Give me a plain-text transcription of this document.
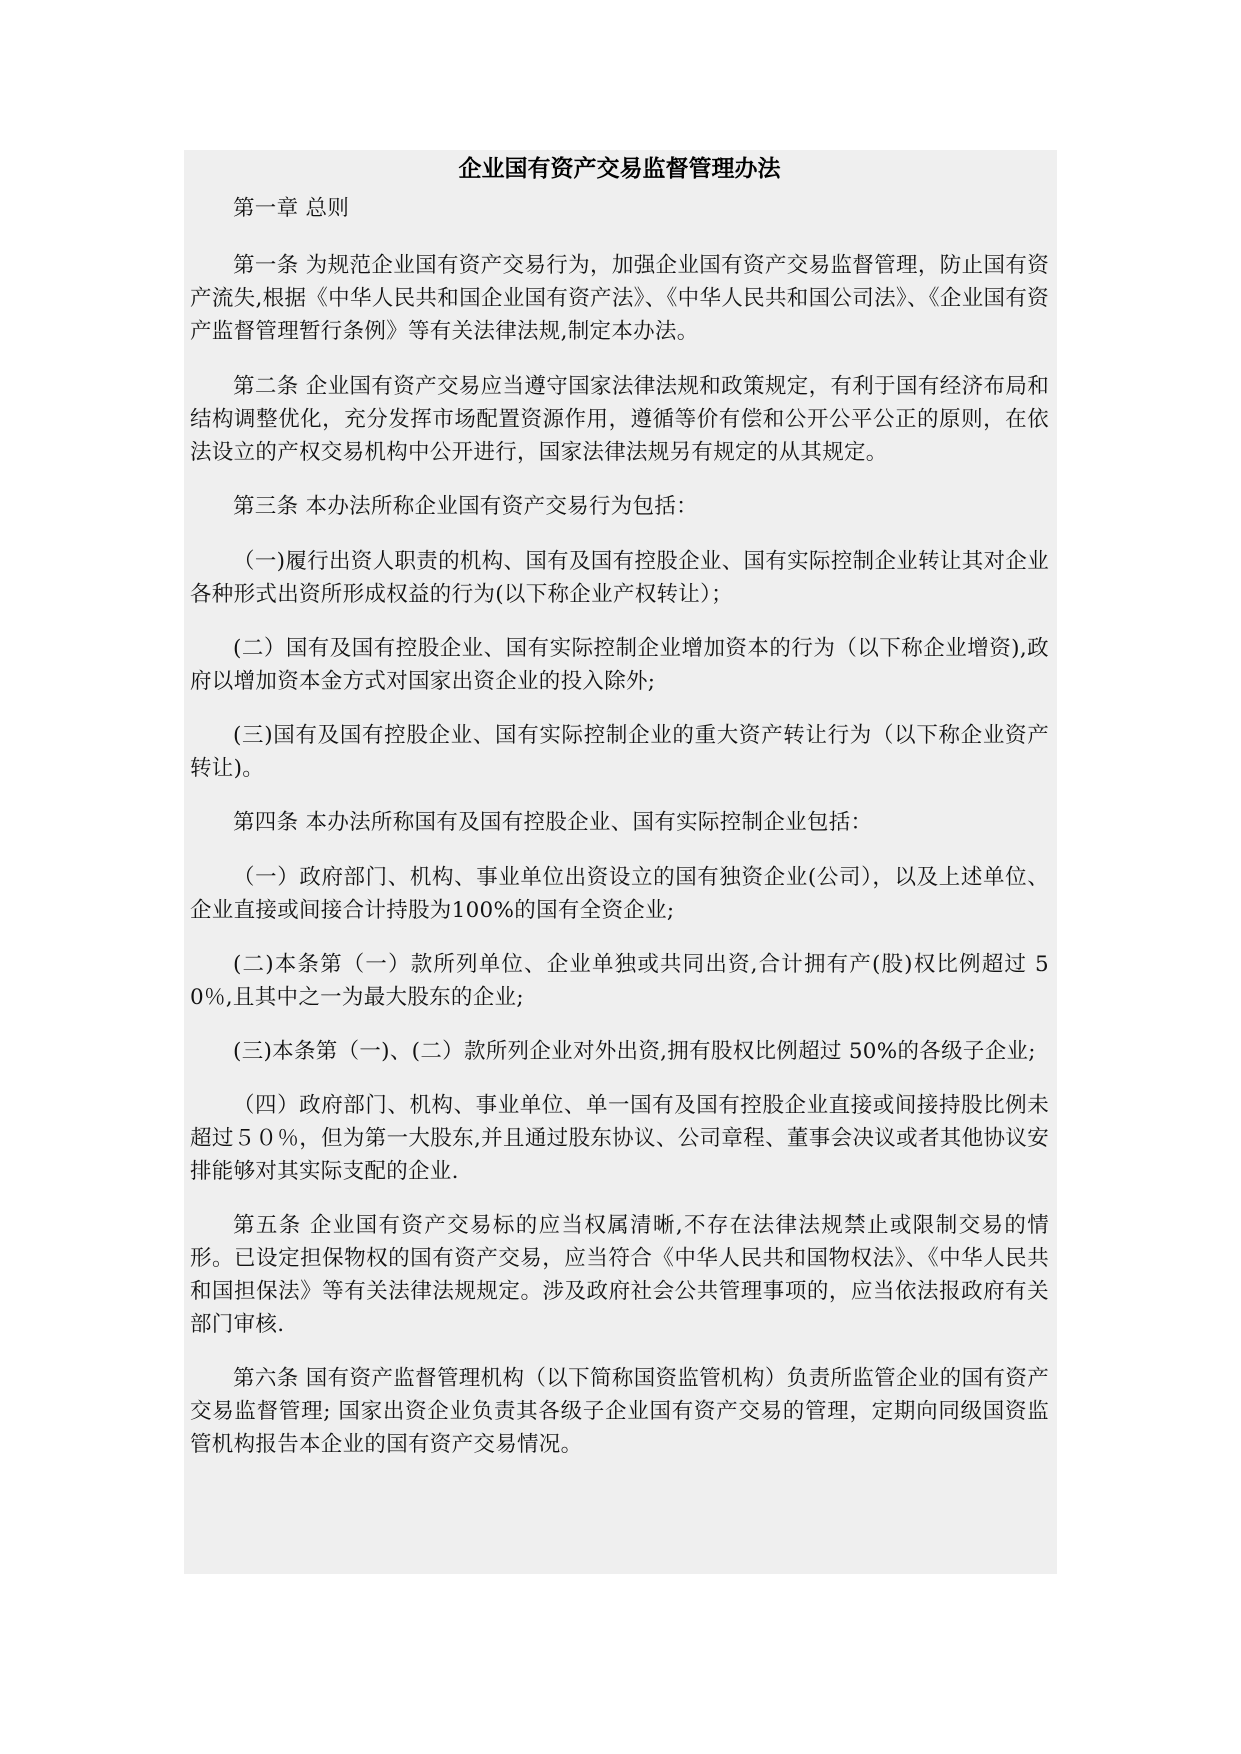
企业国有资产交易监督管理办法

第一章 总则

第一条 为规范企业国有资产交易行为，加强企业国有资产交易监督管理，防止国有资产流失,根据《中华人民共和国企业国有资产法》、《中华人民共和国公司法》、《企业国有资产监督管理暂行条例》等有关法律法规,制定本办法。

第二条 企业国有资产交易应当遵守国家法律法规和政策规定，有利于国有经济布局和结构调整优化，充分发挥市场配置资源作用，遵循等价有偿和公开公平公正的原则，在依法设立的产权交易机构中公开进行，国家法律法规另有规定的从其规定。

第三条 本办法所称企业国有资产交易行为包括：

（一)履行出资人职责的机构、国有及国有控股企业、国有实际控制企业转让其对企业各种形式出资所形成权益的行为(以下称企业产权转让）；

(二）国有及国有控股企业、国有实际控制企业增加资本的行为（以下称企业增资),政府以增加资本金方式对国家出资企业的投入除外;

(三)国有及国有控股企业、国有实际控制企业的重大资产转让行为（以下称企业资产转让)。

第四条 本办法所称国有及国有控股企业、国有实际控制企业包括：

（一）政府部门、机构、事业单位出资设立的国有独资企业(公司），以及上述单位、企业直接或间接合计持股为100%的国有全资企业;

(二)本条第（一）款所列单位、企业单独或共同出资,合计拥有产(股)权比例超过 50％,且其中之一为最大股东的企业;

(三)本条第（一)、(二）款所列企业对外出资,拥有股权比例超过 50%的各级子企业;

（四）政府部门、机构、事业单位、单一国有及国有控股企业直接或间接持股比例未超过５０％，但为第一大股东,并且通过股东协议、公司章程、董事会决议或者其他协议安排能够对其实际支配的企业.

第五条 企业国有资产交易标的应当权属清晰,不存在法律法规禁止或限制交易的情形。已设定担保物权的国有资产交易，应当符合《中华人民共和国物权法》、《中华人民共和国担保法》等有关法律法规规定。涉及政府社会公共管理事项的，应当依法报政府有关部门审核.

第六条 国有资产监督管理机构（以下简称国资监管机构）负责所监管企业的国有资产交易监督管理; 国家出资企业负责其各级子企业国有资产交易的管理，定期向同级国资监管机构报告本企业的国有资产交易情况。
